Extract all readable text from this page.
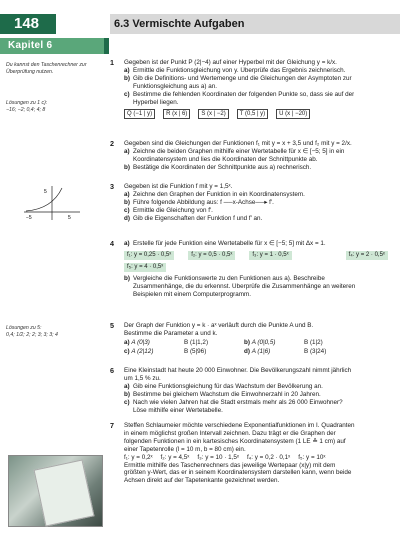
148	6.3 Vermischte Aufgaben
Kapitel 6
Du kannst den Taschenrechner zur Überprüfung nutzen.
Lösungen zu 1 c):
−16; −2; 0,4; 4; 8
5
−5	5
Lösungen zu 5:
0,4; 1/2; 2; 2; 3; 3; 3; 4
1 Gegeben ist der Punkt P (2|−4) auf einer Hyperbel mit der Gleichung y = k/x.
a) Ermittle die Funktionsgleichung von y. Überprüfe das Ergebnis zeichnerisch.
b) Gib die Definitions- und Wertemenge und die Gleichungen der Asymptoten zur
Funktionsgleichung aus a) an.
c) Bestimme die fehlenden Koordinaten der folgenden Punkte so, dass sie auf der
Hyperbel liegen.
Q (−1 | y)	R (x | 6)	S (x | −2)	T (0,5 | y)	U (x | −20)
2 Gegeben sind die Gleichungen der Funktionen f₁ mit y = x + 3,5 und f₂ mit y = 2/x.
a) Zeichne die beiden Graphen mithilfe einer Wertetabelle für x ∈ [−5; 5] in ein
Koordinatensystem und lies die Koordinaten der Schnittpunkte ab.
b) Bestätige die Koordinaten der Schnittpunkte aus a) rechnerisch.
3 Gegeben ist die Funktion f mit y = 1,5ˣ.
a) Zeichne den Graphen der Funktion in ein Koordinatensystem.
b) Führe folgende Abbildung aus: f ──x-Achse──▸ f′.
c) Ermittle die Gleichung von f′.
d) Gib die Eigenschaften der Funktion f und f′ an.
4 a) Erstelle für jede Funktion eine Wertetabelle für x ∈ [−5; 5] mit Δx = 1.
f₁: y = 0,25 · 0,5ˣ	f₂: y = 0,5 · 0,5ˣ	f₃: y = 1 · 0,5ˣ	f₄: y = 2 · 0,5ˣ
f₅: y = 4 · 0,5ˣ
b) Vergleiche die Funktionswerte zu den Funktionen aus a). Beschreibe
Zusammenhänge, die du erkennst. Überprüfe die Zusammenhänge an weiteren
Beispielen mit einem Computerprogramm.
5 Der Graph der Funktion y = k · aˣ verläuft durch die Punkte A und B.
Bestimme die Parameter a und k.
a) A (0|3)	B (1|1,2)	b) A (0|0,5)	B (1|2)
c) A (2|12)	B (5|96)	d) A (1|6)	B (3|24)
6 Eine Kleinstadt hat heute 20 000 Einwohner. Die Bevölkerungszahl nimmt jährlich
um 1,5 % zu.
a) Gib eine Funktionsgleichung für das Wachstum der Bevölkerung an.
b) Bestimme bei gleichem Wachstum die Einwohnerzahl in 20 Jahren.
c) Nach wie vielen Jahren hat die Stadt erstmals mehr als 26 000 Einwohner?
Löse mithilfe einer Wertetabelle.
7 Steffen Schlaumeier möchte verschiedene Exponentialfunktionen im I. Quadranten
in einem möglichst großen Intervall zeichnen. Dazu trägt er die Graphen der
folgenden Funktionen in ein kartesisches Koordinatensystem (1 LE ≙ 1 cm) auf
einer Tapetenrolle (l = 10 m, b = 80 cm) ein.
f₁: y = 0,2ˣ f₂: y = 4,5ˣ f₃: y = 10 · 1,5ˣ f₄: y = 0,2 · 0,1ˣ f₅: y = 10ˣ
Ermittle mithilfe des Taschenrechners das jeweilige Wertepaar (x|y) mit dem
größten y-Wert, das er in seinem Koordinatensystem darstellen kann, wenn beide
Achsen direkt auf der Tapetenkante gezeichnet werden.
